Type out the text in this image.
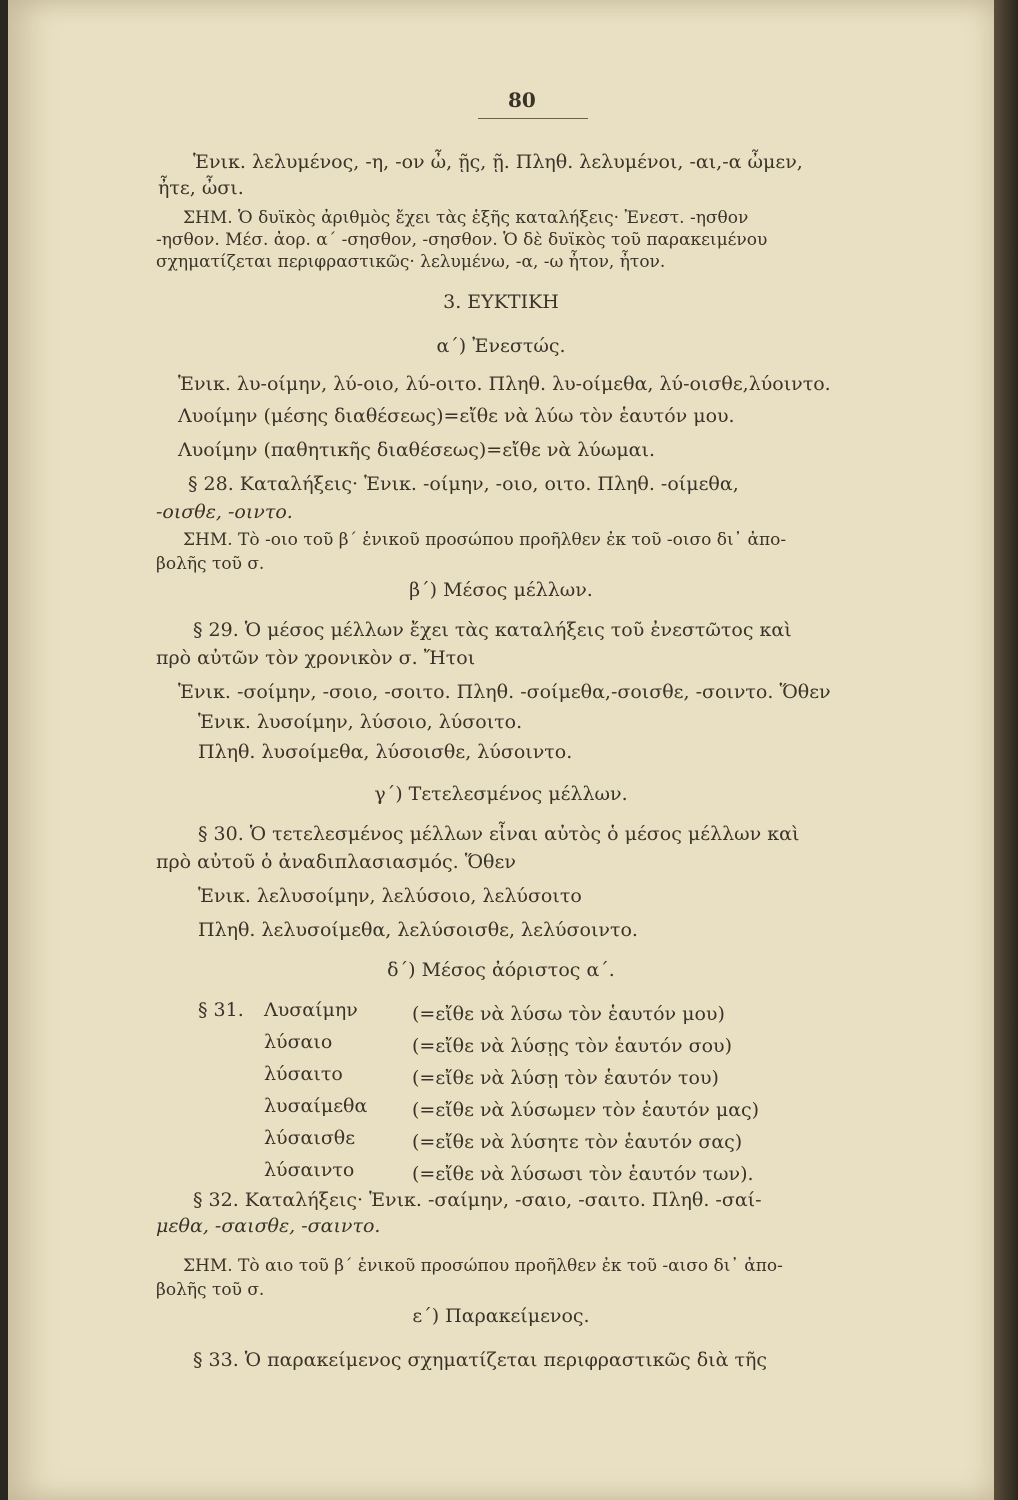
80
Ἑνικ. λελυμένος, -η, -ον ὦ, ῇς, ῇ. Πληθ. λελυμένοι, -αι,-α ὦμεν,
ἦτε, ὦσι.
ΣΗΜ. Ὁ δυϊκὸς ἀριθμὸς ἔχει τὰς ἑξῆς καταλήξεις· Ἐνεστ. -ησθον
-ησθον. Μέσ. ἀορ. α΄ -σησθον, -σησθον. Ὁ δὲ δυϊκὸς τοῦ παρακειμένου
σχηματίζεται περιφραστικῶς· λελυμένω, -α, -ω ἦτον, ἦτον.
3. ΕΥΚΤΙΚΗ
α΄) Ἐνεστώς.
Ἑνικ. λυ-οίμην, λύ-οιο, λύ-οιτο. Πληθ. λυ-οίμεθα, λύ-οισθε,λύοιντο.
Λυοίμην (μέσης διαθέσεως)=εἴθε νὰ λύω τὸν ἑαυτόν μου.
Λυοίμην (παθητικῆς διαθέσεως)=εἴθε νὰ λύωμαι.
§ 28. Καταλήξεις· Ἑνικ. -οίμην, -οιο, οιτο. Πληθ. -οίμεθα,
-οισθε, -οιντο.
ΣΗΜ. Τὸ -οιο τοῦ β΄ ἑνικοῦ προσώπου προῆλθεν ἐκ τοῦ -οισο δι᾽ ἀπο-
βολῆς τοῦ σ.
β΄) Μέσος μέλλων.
§ 29. Ὁ μέσος μέλλων ἔχει τὰς καταλήξεις τοῦ ἐνεστῶτος καὶ
πρὸ αὐτῶν τὸν χρονικὸν σ. Ἤτοι
Ἑνικ. -σοίμην, -σοιο, -σοιτο. Πληθ. -σοίμεθα,-σοισθε, -σοιντο. Ὅθεν
Ἑνικ. λυσοίμην, λύσοιο, λύσοιτο.
Πληθ. λυσοίμεθα, λύσοισθε, λύσοιντο.
γ΄) Τετελεσμένος μέλλων.
§ 30. Ὁ τετελεσμένος μέλλων εἶναι αὐτὸς ὁ μέσος μέλλων καὶ
πρὸ αὐτοῦ ὁ ἀναδιπλασιασμός. Ὅθεν
Ἑνικ. λελυσοίμην, λελύσοιο, λελύσοιτο
Πληθ. λελυσοίμεθα, λελύσοισθε, λελύσοιντο.
δ΄) Μέσος ἀόριστος α΄.
§ 31. Λυσαίμην
λύσαιο
λύσαιτο
λυσαίμεθα
λύσαισθε
λύσαιντο
(=εἴθε νὰ λύσω τὸν ἑαυτόν μου)
(=εἴθε νὰ λύσῃς τὸν ἑαυτόν σου)
(=εἴθε νὰ λύσῃ τὸν ἑαυτόν του)
(=εἴθε νὰ λύσωμεν τὸν ἑαυτόν μας)
(=εἴθε νὰ λύσητε τὸν ἑαυτόν σας)
(=εἴθε νὰ λύσωσι τὸν ἑαυτόν των).
§ 32. Καταλήξεις· Ἑνικ. -σαίμην, -σαιο, -σαιτο. Πληθ. -σαί-
μεθα, -σαισθε, -σαιντο.
ΣΗΜ. Τὸ αιο τοῦ β΄ ἑνικοῦ προσώπου προῆλθεν ἐκ τοῦ -αισο δι᾽ ἀπο-
βολῆς τοῦ σ.
ε΄) Παρακείμενος.
§ 33. Ὁ παρακείμενος σχηματίζεται περιφραστικῶς διὰ τῆς
